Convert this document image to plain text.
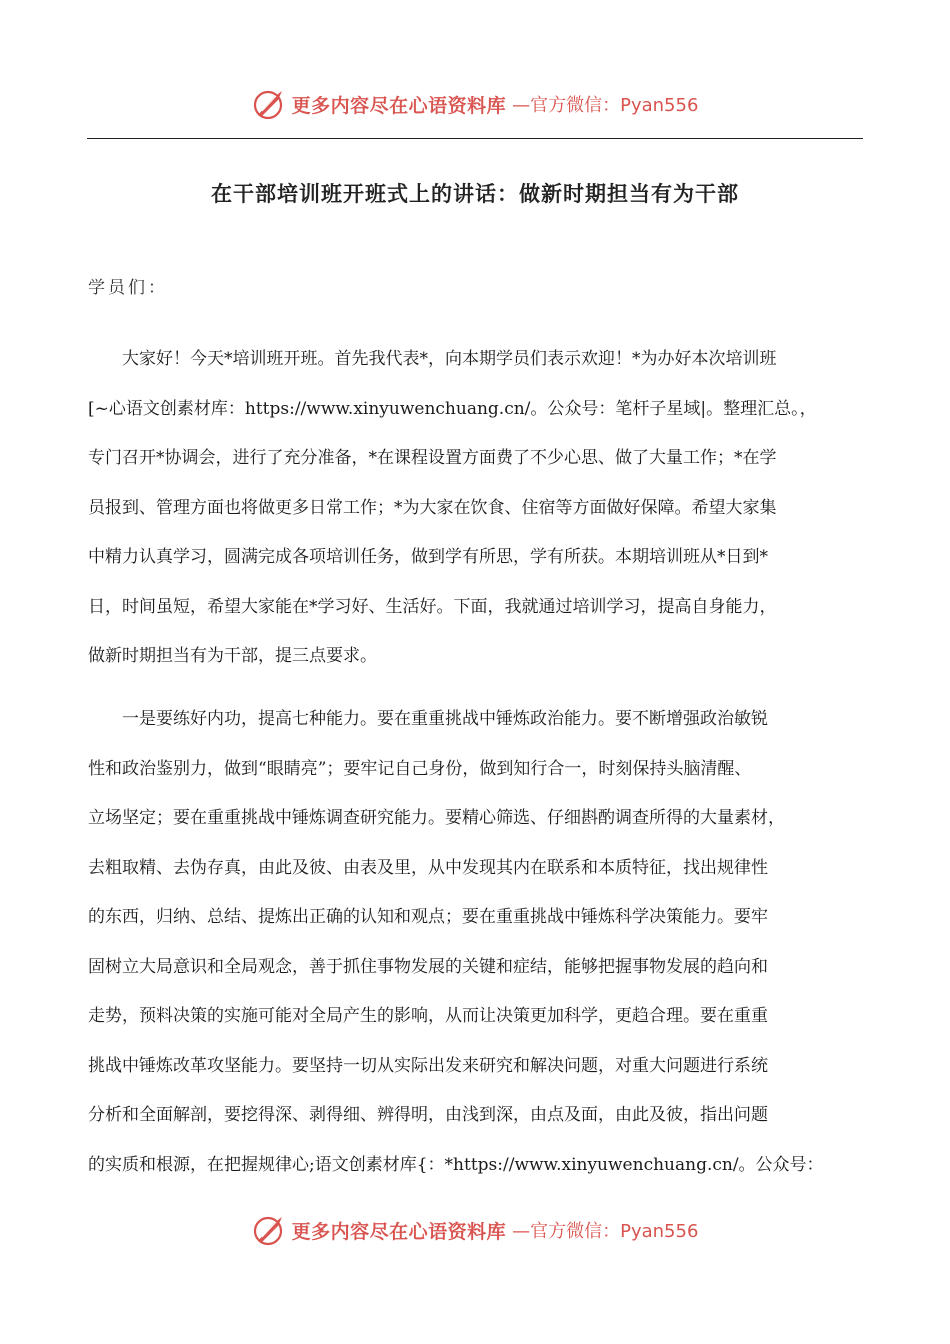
更多内容尽在心语资料库 —官方微信：Pyan556
在干部培训班开班式上的讲话：做新时期担当有为干部
学员们：
大家好！今天*培训班开班。首先我代表*，向本期学员们表示欢迎！*为办好本次培训班
[~心语文创素材库：https://www.xinyuwenchuang.cn/。公众号：笔杆子星域|。整理汇总。，
专门召开*协调会，进行了充分准备，*在课程设置方面费了不少心思、做了大量工作；*在学
员报到、管理方面也将做更多日常工作；*为大家在饮食、住宿等方面做好保障。希望大家集
中精力认真学习，圆满完成各项培训任务，做到学有所思，学有所获。本期培训班从*日到*
日，时间虽短，希望大家能在*学习好、生活好。下面，我就通过培训学习，提高自身能力，
做新时期担当有为干部，提三点要求。
一是要练好内功，提高七种能力。要在重重挑战中锤炼政治能力。要不断增强政治敏锐
性和政治鉴别力，做到“眼睛亮”；要牢记自己身份，做到知行合一，时刻保持头脑清醒、
立场坚定；要在重重挑战中锤炼调查研究能力。要精心筛选、仔细斟酌调查所得的大量素材，
去粗取精、去伪存真，由此及彼、由表及里，从中发现其内在联系和本质特征，找出规律性
的东西，归纳、总结、提炼出正确的认知和观点；要在重重挑战中锤炼科学决策能力。要牢
固树立大局意识和全局观念，善于抓住事物发展的关键和症结，能够把握事物发展的趋向和
走势，预料决策的实施可能对全局产生的影响，从而让决策更加科学，更趋合理。要在重重
挑战中锤炼改革攻坚能力。要坚持一切从实际出发来研究和解决问题，对重大问题进行系统
分析和全面解剖，要挖得深、剥得细、辨得明，由浅到深，由点及面，由此及彼，指出问题
的实质和根源，在把握规律心;语文创素材库{：*https://www.xinyuwenchuang.cn/。公众号：
更多内容尽在心语资料库 —官方微信：Pyan556
